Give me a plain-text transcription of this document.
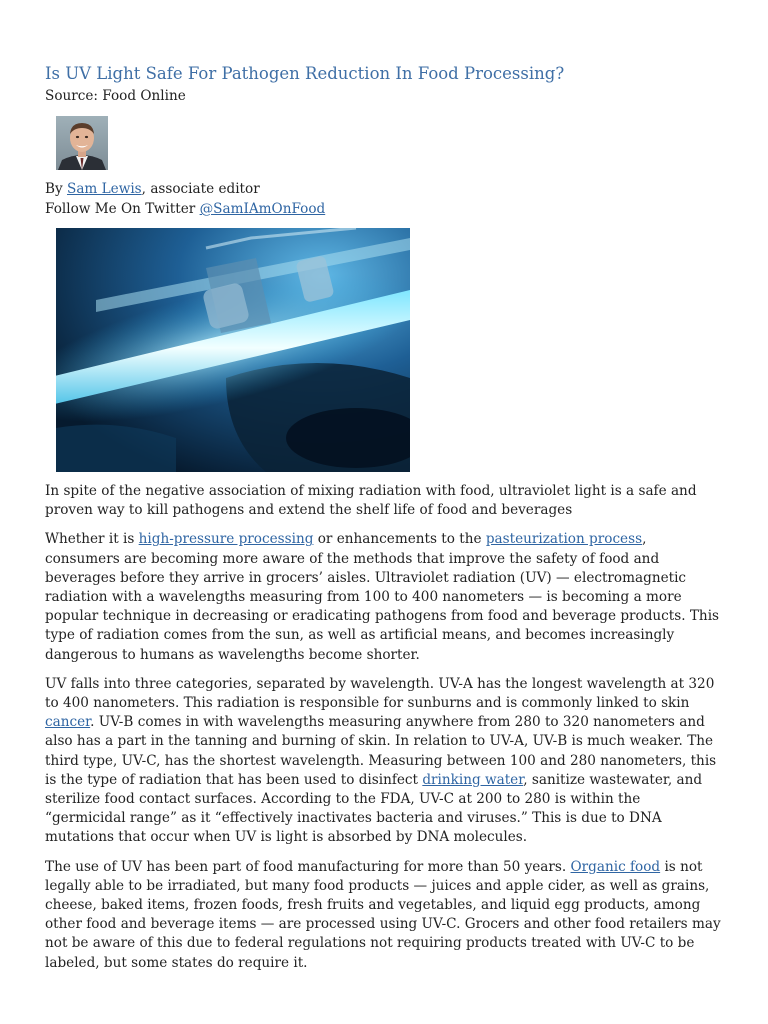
Is UV Light Safe For Pathogen Reduction In Food Processing?
Source: Food Online
By Sam Lewis, associate editor
Follow Me On Twitter @SamIAmOnFood

In spite of the negative association of mixing radiation with food, ultraviolet light is a safe and proven way to kill pathogens and extend the shelf life of food and beverages

Whether it is high-pressure processing or enhancements to the pasteurization process, consumers are becoming more aware of the methods that improve the safety of food and beverages before they arrive in grocers’ aisles. Ultraviolet radiation (UV) — electromagnetic radiation with a wavelengths measuring from 100 to 400 nanometers — is becoming a more popular technique in decreasing or eradicating pathogens from food and beverage products. This type of radiation comes from the sun, as well as artificial means, and becomes increasingly dangerous to humans as wavelengths become shorter.

UV falls into three categories, separated by wavelength. UV-A has the longest wavelength at 320 to 400 nanometers. This radiation is responsible for sunburns and is commonly linked to skin cancer. UV-B comes in with wavelengths measuring anywhere from 280 to 320 nanometers and also has a part in the tanning and burning of skin. In relation to UV-A, UV-B is much weaker. The third type, UV-C, has the shortest wavelength. Measuring between 100 and 280 nanometers, this is the type of radiation that has been used to disinfect drinking water, sanitize wastewater, and sterilize food contact surfaces. According to the FDA, UV-C at 200 to 280 is within the “germicidal range” as it “effectively inactivates bacteria and viruses.” This is due to DNA mutations that occur when UV is light is absorbed by DNA molecules.

The use of UV has been part of food manufacturing for more than 50 years. Organic food is not legally able to be irradiated, but many food products — juices and apple cider, as well as grains, cheese, baked items, frozen foods, fresh fruits and vegetables, and liquid egg products, among other food and beverage items — are processed using UV-C. Grocers and other food retailers may not be aware of this due to federal regulations not requiring products treated with UV-C to be labeled, but some states do require it.
